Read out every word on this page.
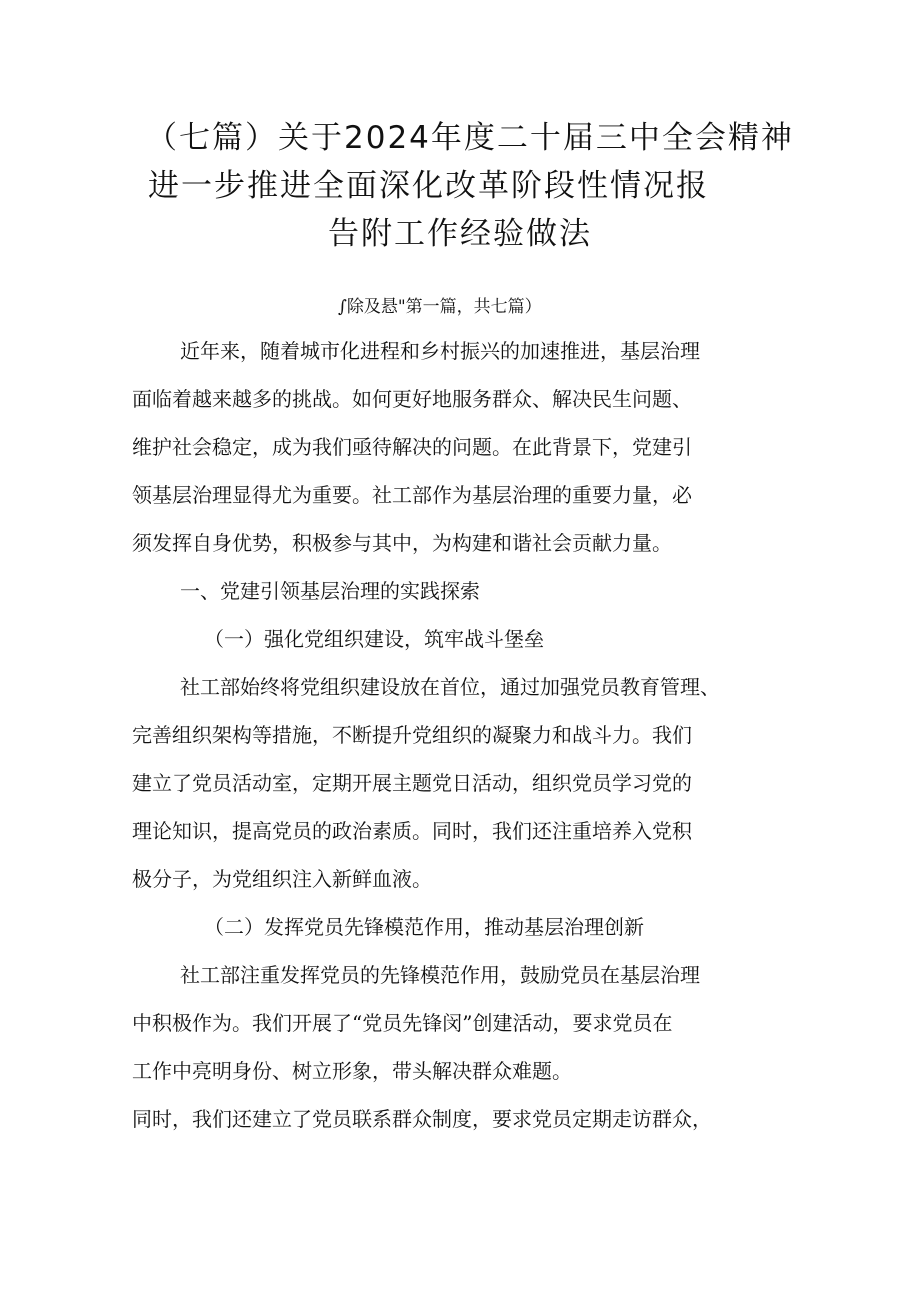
（七篇）关于2024年度二十届三中全会精神
进一步推进全面深化改革阶段性情况报
告附工作经验做法
∫除及悬"第一篇，共七篇）
近年来，随着城市化进程和乡村振兴的加速推进，基层治理
面临着越来越多的挑战。如何更好地服务群众、解决民生问题、
维护社会稳定，成为我们亟待解决的问题。在此背景下，党建引
领基层治理显得尤为重要。社工部作为基层治理的重要力量，必
须发挥自身优势，积极参与其中，为构建和谐社会贡献力量。
一、党建引领基层治理的实践探索
（一）强化党组织建设，筑牢战斗堡垒
社工部始终将党组织建设放在首位，通过加强党员教育管理、
完善组织架构等措施，不断提升党组织的凝聚力和战斗力。我们
建立了党员活动室，定期开展主题党日活动，组织党员学习党的
理论知识，提高党员的政治素质。同时，我们还注重培养入党积
极分子，为党组织注入新鲜血液。
（二）发挥党员先锋模范作用，推动基层治理创新
社工部注重发挥党员的先锋模范作用，鼓励党员在基层治理
中积极作为。我们开展了“党员先锋闵”创建活动，要求党员在
工作中亮明身份、树立形象，带头解决群众难题。
同时，我们还建立了党员联系群众制度，要求党员定期走访群众，
